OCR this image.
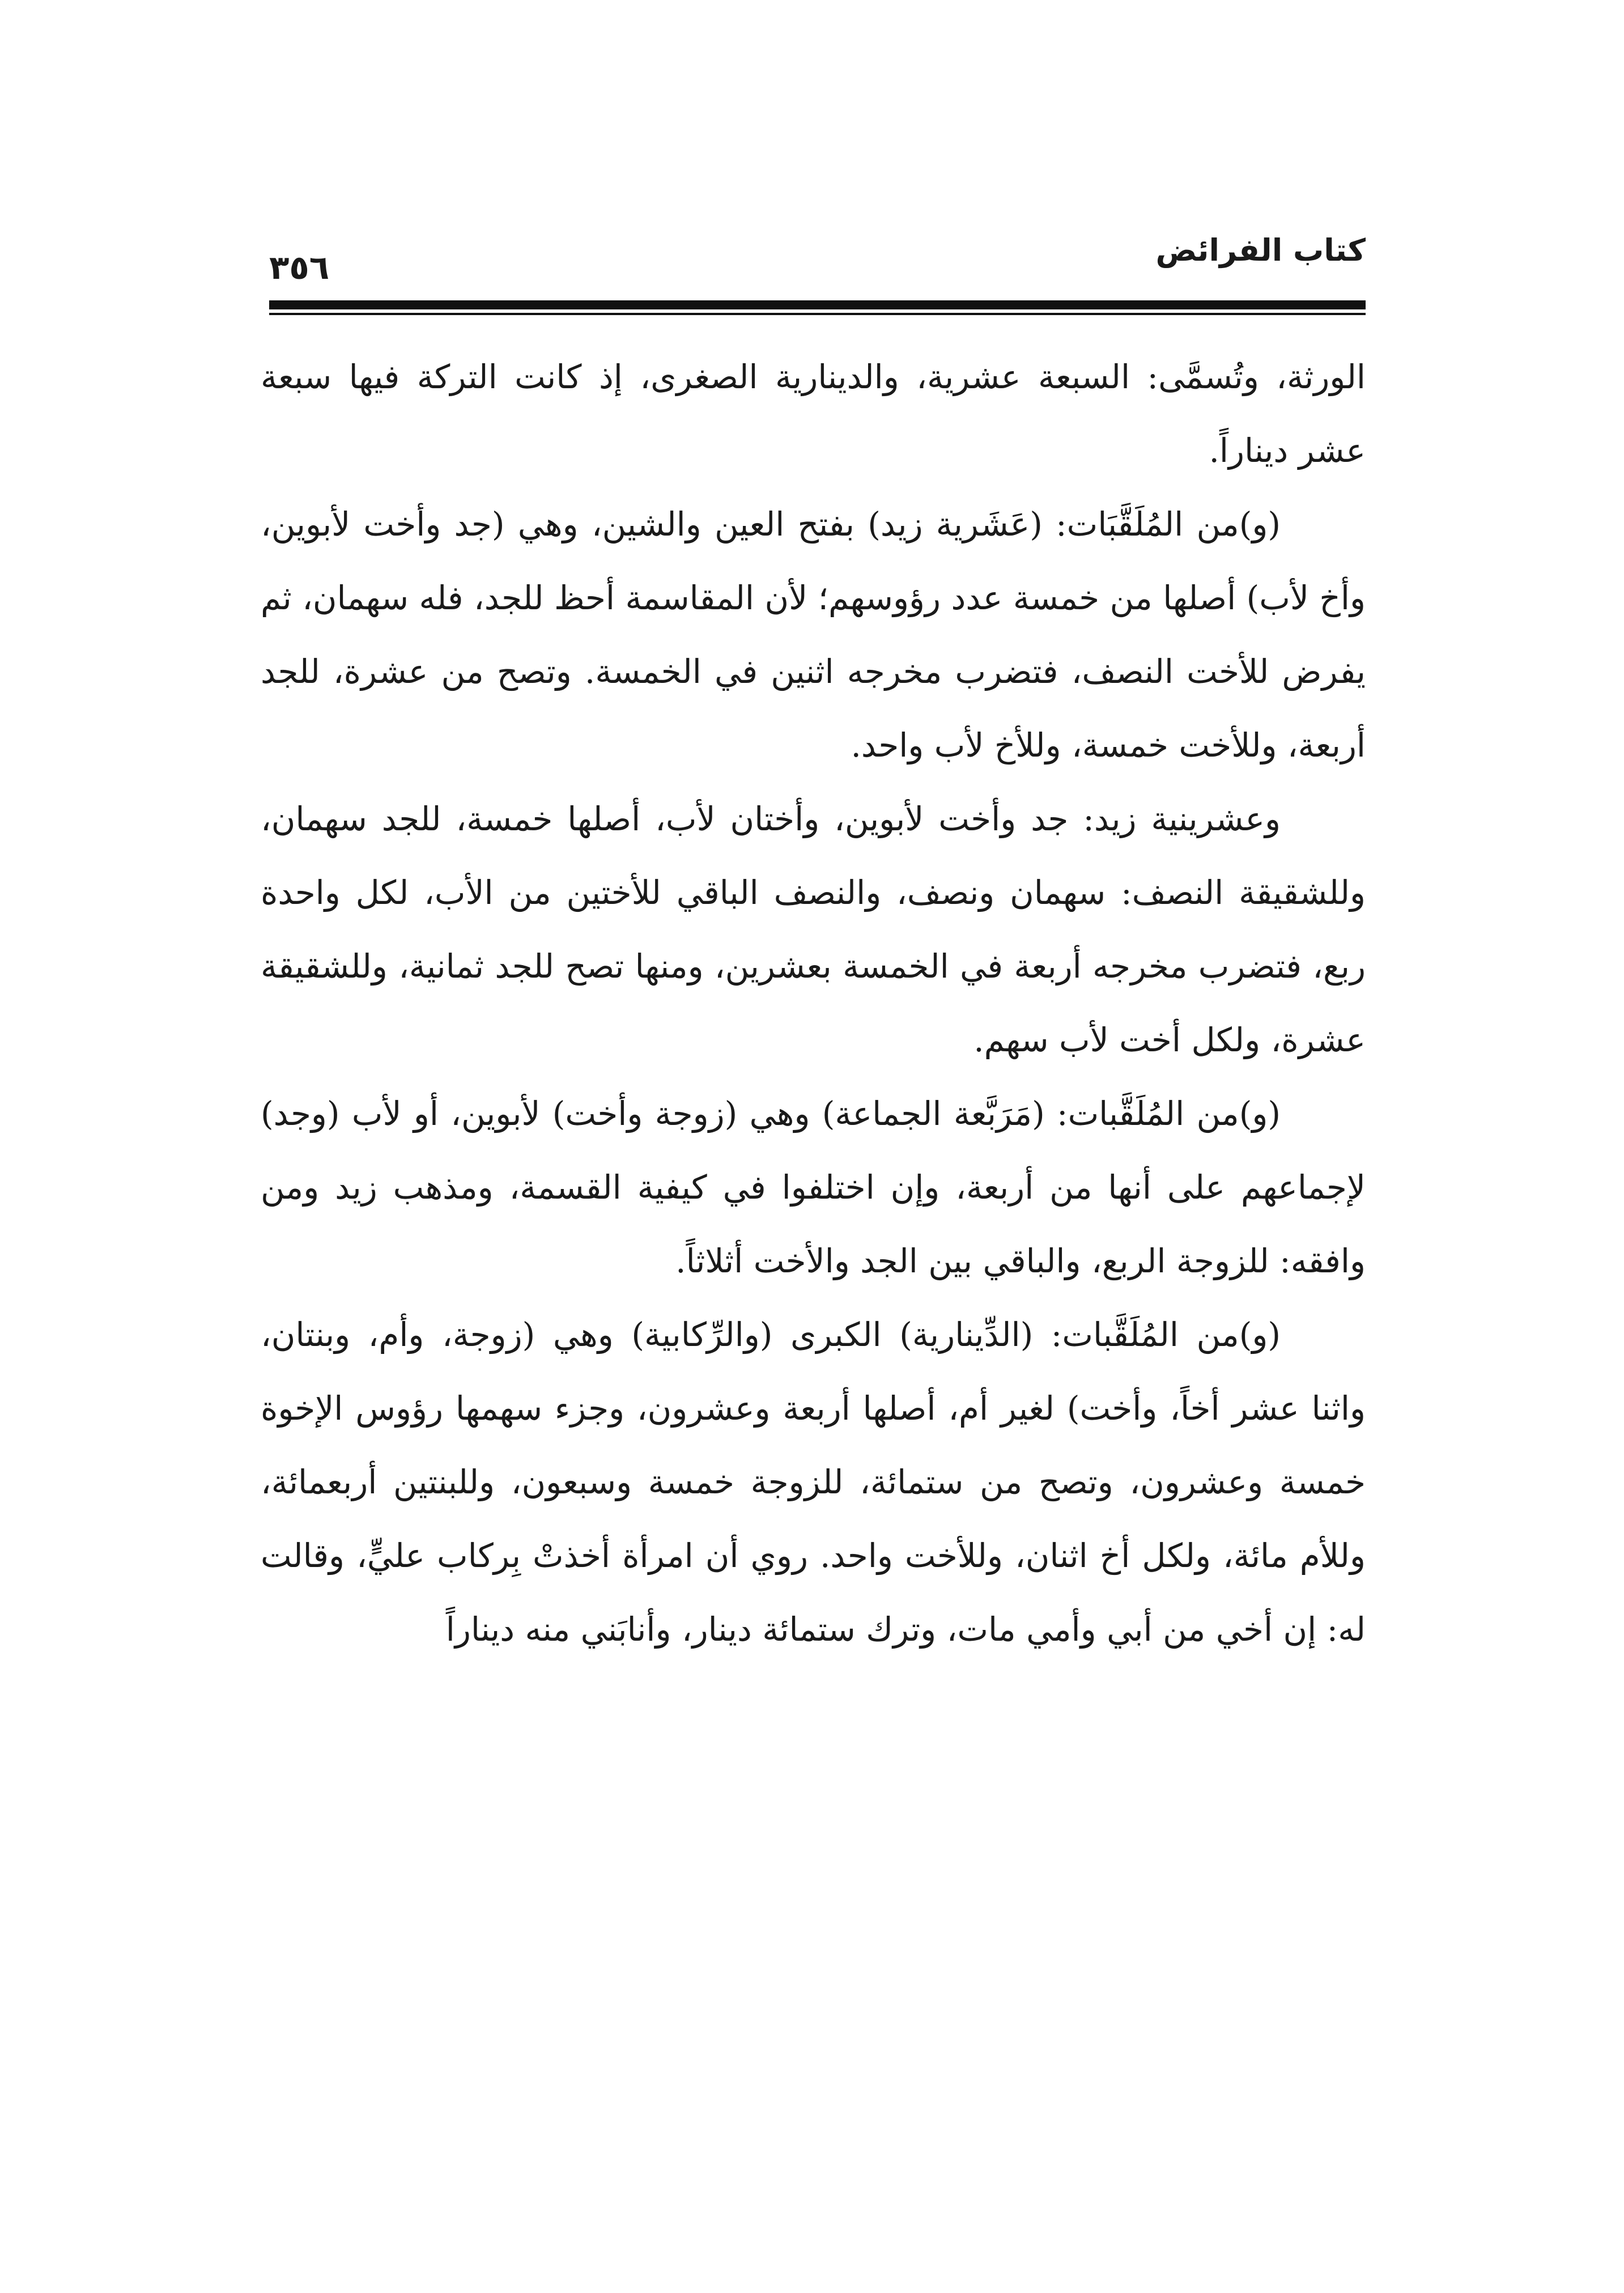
كتاب الفرائض
٣٥٦

الورثة، وتُسمَّى: السبعة عشرية، والدينارية الصغرى، إذ كانت التركة فيها سبعة عشر ديناراً.

(و)من المُلَقَّبَات: (عَشَرية زيد) بفتح العين والشين، وهي (جد وأخت لأبوين، وأخ لأب) أصلها من خمسة عدد رؤوسهم؛ لأن المقاسمة أحظ للجد، فله سهمان، ثم يفرض للأخت النصف، فتضرب مخرجه اثنين في الخمسة. وتصح من عشرة، للجد أربعة، وللأخت خمسة، وللأخ لأب واحد.

وعشرينية زيد: جد وأخت لأبوين، وأختان لأب، أصلها خمسة، للجد سهمان، وللشقيقة النصف: سهمان ونصف، والنصف الباقي للأختين من الأب، لكل واحدة ربع، فتضرب مخرجه أربعة في الخمسة بعشرين، ومنها تصح للجد ثمانية، وللشقيقة عشرة، ولكل أخت لأب سهم.

(و)من المُلَقَّبات: (مَرَبَّعة الجماعة) وهي (زوجة وأخت) لأبوين، أو لأب (وجد) لإجماعهم على أنها من أربعة، وإن اختلفوا في كيفية القسمة، ومذهب زيد ومن وافقه: للزوجة الربع، والباقي بين الجد والأخت أثلاثاً.

(و)من المُلَقَّبات: (الدِّينارية) الكبرى (والرِّكابية) وهي (زوجة، وأم، وبنتان، واثنا عشر أخاً، وأخت) لغير أم، أصلها أربعة وعشرون، وجزء سهمها رؤوس الإخوة خمسة وعشرون، وتصح من ستمائة، للزوجة خمسة وسبعون، وللبنتين أربعمائة، وللأم مائة، ولكل أخ اثنان، وللأخت واحد. روي أن امرأة أخذتْ بِركاب عليٍّ، وقالت له: إن أخي من أبي وأمي مات، وترك ستمائة دينار، وأنابَني منه ديناراً
